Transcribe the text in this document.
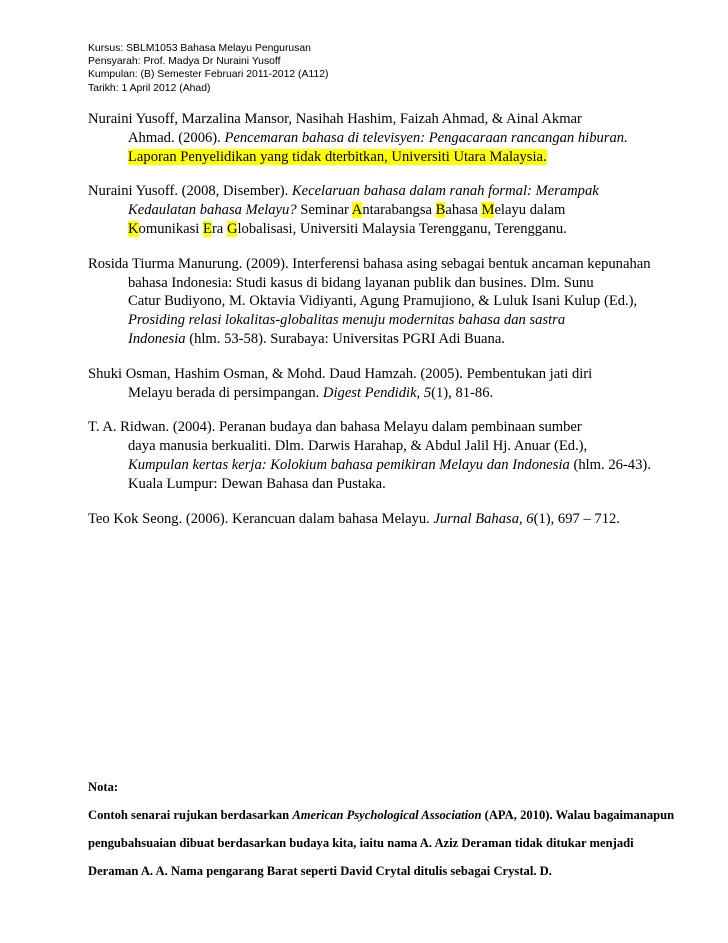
Kursus: SBLM1053 Bahasa Melayu Pengurusan
Pensyarah: Prof. Madya Dr Nuraini Yusoff
Kumpulan: (B) Semester Februari 2011-2012 (A112)
Tarikh: 1 April 2012 (Ahad)
Nuraini Yusoff, Marzalina Mansor, Nasihah Hashim, Faizah Ahmad, & Ainal Akmar
Ahmad. (2006). Pencemaran bahasa di televisyen: Pengacaraan rancangan hiburan.
Laporan Penyelidikan yang tidak dterbitkan, Universiti Utara Malaysia.
Nuraini Yusoff. (2008, Disember). Kecelaruan bahasa dalam ranah formal: Merampak
Kedaulatan bahasa Melayu? Seminar Antarabangsa Bahasa Melayu dalam
Komunikasi Era Globalisasi, Universiti Malaysia Terengganu, Terengganu.
Rosida Tiurma Manurung. (2009). Interferensi bahasa asing sebagai bentuk ancaman kepunahan
bahasa Indonesia: Studi kasus di bidang layanan publik dan busines. Dlm. Sunu
Catur Budiyono, M. Oktavia Vidiyanti, Agung Pramujiono, & Luluk Isani Kulup (Ed.),
Prosiding relasi lokalitas-globalitas menuju modernitas bahasa dan sastra
Indonesia (hlm. 53-58). Surabaya: Universitas PGRI Adi Buana.
Shuki Osman, Hashim Osman, & Mohd. Daud Hamzah. (2005). Pembentukan jati diri
Melayu berada di persimpangan. Digest Pendidik, 5(1), 81-86.
T. A. Ridwan. (2004). Peranan budaya dan bahasa Melayu dalam pembinaan sumber
daya manusia berkualiti. Dlm. Darwis Harahap, & Abdul Jalil Hj. Anuar (Ed.),
Kumpulan kertas kerja: Kolokium bahasa pemikiran Melayu dan Indonesia (hlm. 26-43).
Kuala Lumpur: Dewan Bahasa dan Pustaka.
Teo Kok Seong. (2006). Kerancuan dalam bahasa Melayu. Jurnal Bahasa, 6(1), 697 – 712.
Nota:
Contoh senarai rujukan berdasarkan American Psychological Association (APA, 2010). Walau bagaimanapun
pengubahsuaian dibuat berdasarkan budaya kita, iaitu nama A. Aziz Deraman tidak ditukar menjadi
Deraman A. A. Nama pengarang Barat seperti David Crytal ditulis sebagai Crystal. D.
